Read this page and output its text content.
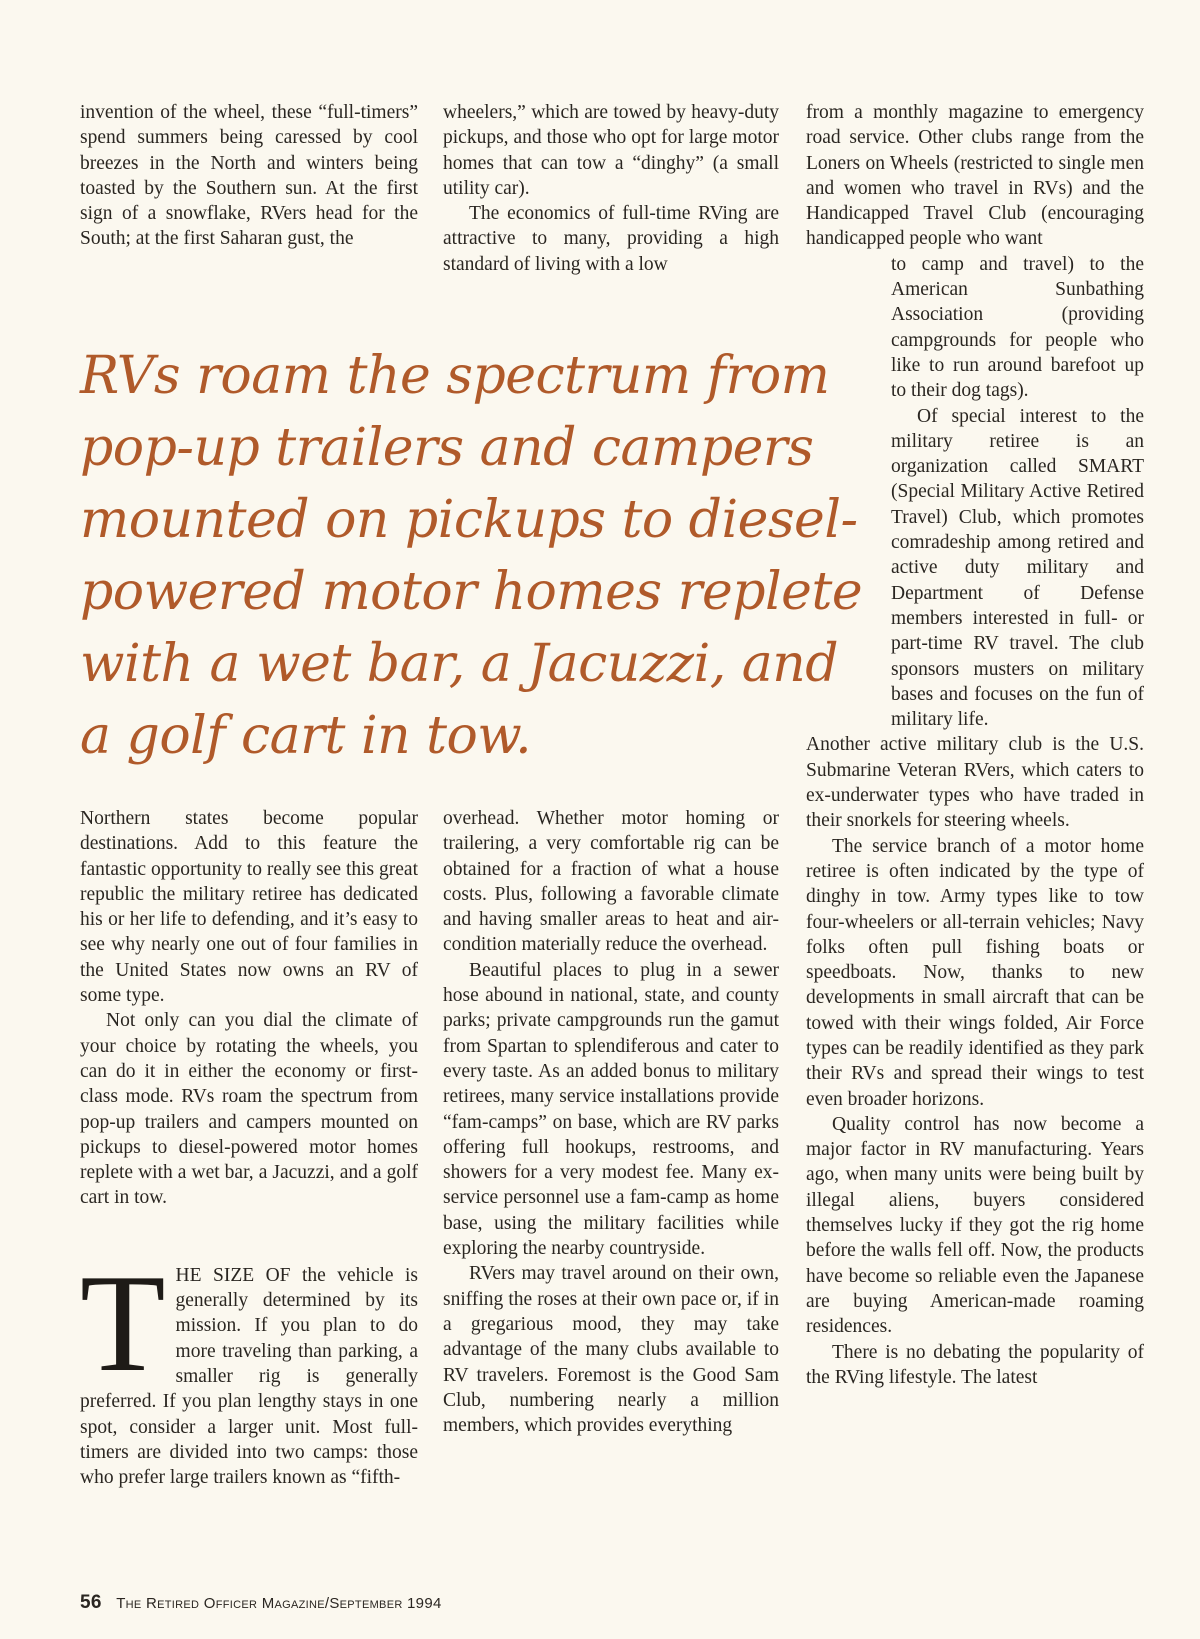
invention of the wheel, these “full-timers” spend summers being caressed by cool breezes in the North and winters being toasted by the Southern sun. At the first sign of a snowflake, RVers head for the South; at the first Saharan gust, the

wheelers,” which are towed by heavy-duty pickups, and those who opt for large motor homes that can tow a “dinghy” (a small utility car).

The economics of full-time RVing are attractive to many, providing a high standard of living with a low

from a monthly magazine to emergency road service. Other clubs range from the Loners on Wheels (restricted to single men and women who travel in RVs) and the Handicapped Travel Club (encouraging handicapped people who want

to camp and travel) to the American Sunbathing Association (providing campgrounds for people who like to run around barefoot up to their dog tags).

Of special interest to the military retiree is an organization called SMART (Special Military Active Retired Travel) Club, which promotes comradeship among retired and active duty military and Department of Defense members interested in full- or part-time RV travel. The club sponsors musters on military bases and focuses on the fun of military life.

Another active military club is the U.S. Submarine Veteran RVers, which caters to ex-underwater types who have traded in their snorkels for steering wheels.

The service branch of a motor home retiree is often indicated by the type of dinghy in tow. Army types like to tow four-wheelers or all-terrain vehicles; Navy folks often pull fishing boats or speedboats. Now, thanks to new developments in small aircraft that can be towed with their wings folded, Air Force types can be readily identified as they park their RVs and spread their wings to test even broader horizons.

Quality control has now become a major factor in RV manufacturing. Years ago, when many units were being built by illegal aliens, buyers considered themselves lucky if they got the rig home before the walls fell off. Now, the products have become so reliable even the Japanese are buying American-made roaming residences.

There is no debating the popularity of the RVing lifestyle. The latest

RVs roam the spectrum from pop-up trailers and campers mounted on pickups to diesel-powered motor homes replete with a wet bar, a Jacuzzi, and a golf cart in tow.

Northern states become popular destinations. Add to this feature the fantastic opportunity to really see this great republic the military retiree has dedicated his or her life to defending, and it’s easy to see why nearly one out of four families in the United States now owns an RV of some type.

Not only can you dial the climate of your choice by rotating the wheels, you can do it in either the economy or first-class mode. RVs roam the spectrum from pop-up trailers and campers mounted on pickups to diesel-powered motor homes replete with a wet bar, a Jacuzzi, and a golf cart in tow.

THE SIZE OF the vehicle is generally determined by its mission. If you plan to do more traveling than parking, a smaller rig is generally preferred. If you plan lengthy stays in one spot, consider a larger unit. Most full-timers are divided into two camps: those who prefer large trailers known as “fifth-

overhead. Whether motor homing or trailering, a very comfortable rig can be obtained for a fraction of what a house costs. Plus, following a favorable climate and having smaller areas to heat and air-condition materially reduce the overhead.

Beautiful places to plug in a sewer hose abound in national, state, and county parks; private campgrounds run the gamut from Spartan to splendiferous and cater to every taste. As an added bonus to military retirees, many service installations provide “fam-camps” on base, which are RV parks offering full hookups, restrooms, and showers for a very modest fee. Many ex-service personnel use a fam-camp as home base, using the military facilities while exploring the nearby countryside.

RVers may travel around on their own, sniffing the roses at their own pace or, if in a gregarious mood, they may take advantage of the many clubs available to RV travelers. Foremost is the Good Sam Club, numbering nearly a million members, which provides everything

56 The Retired Officer Magazine/September 1994
